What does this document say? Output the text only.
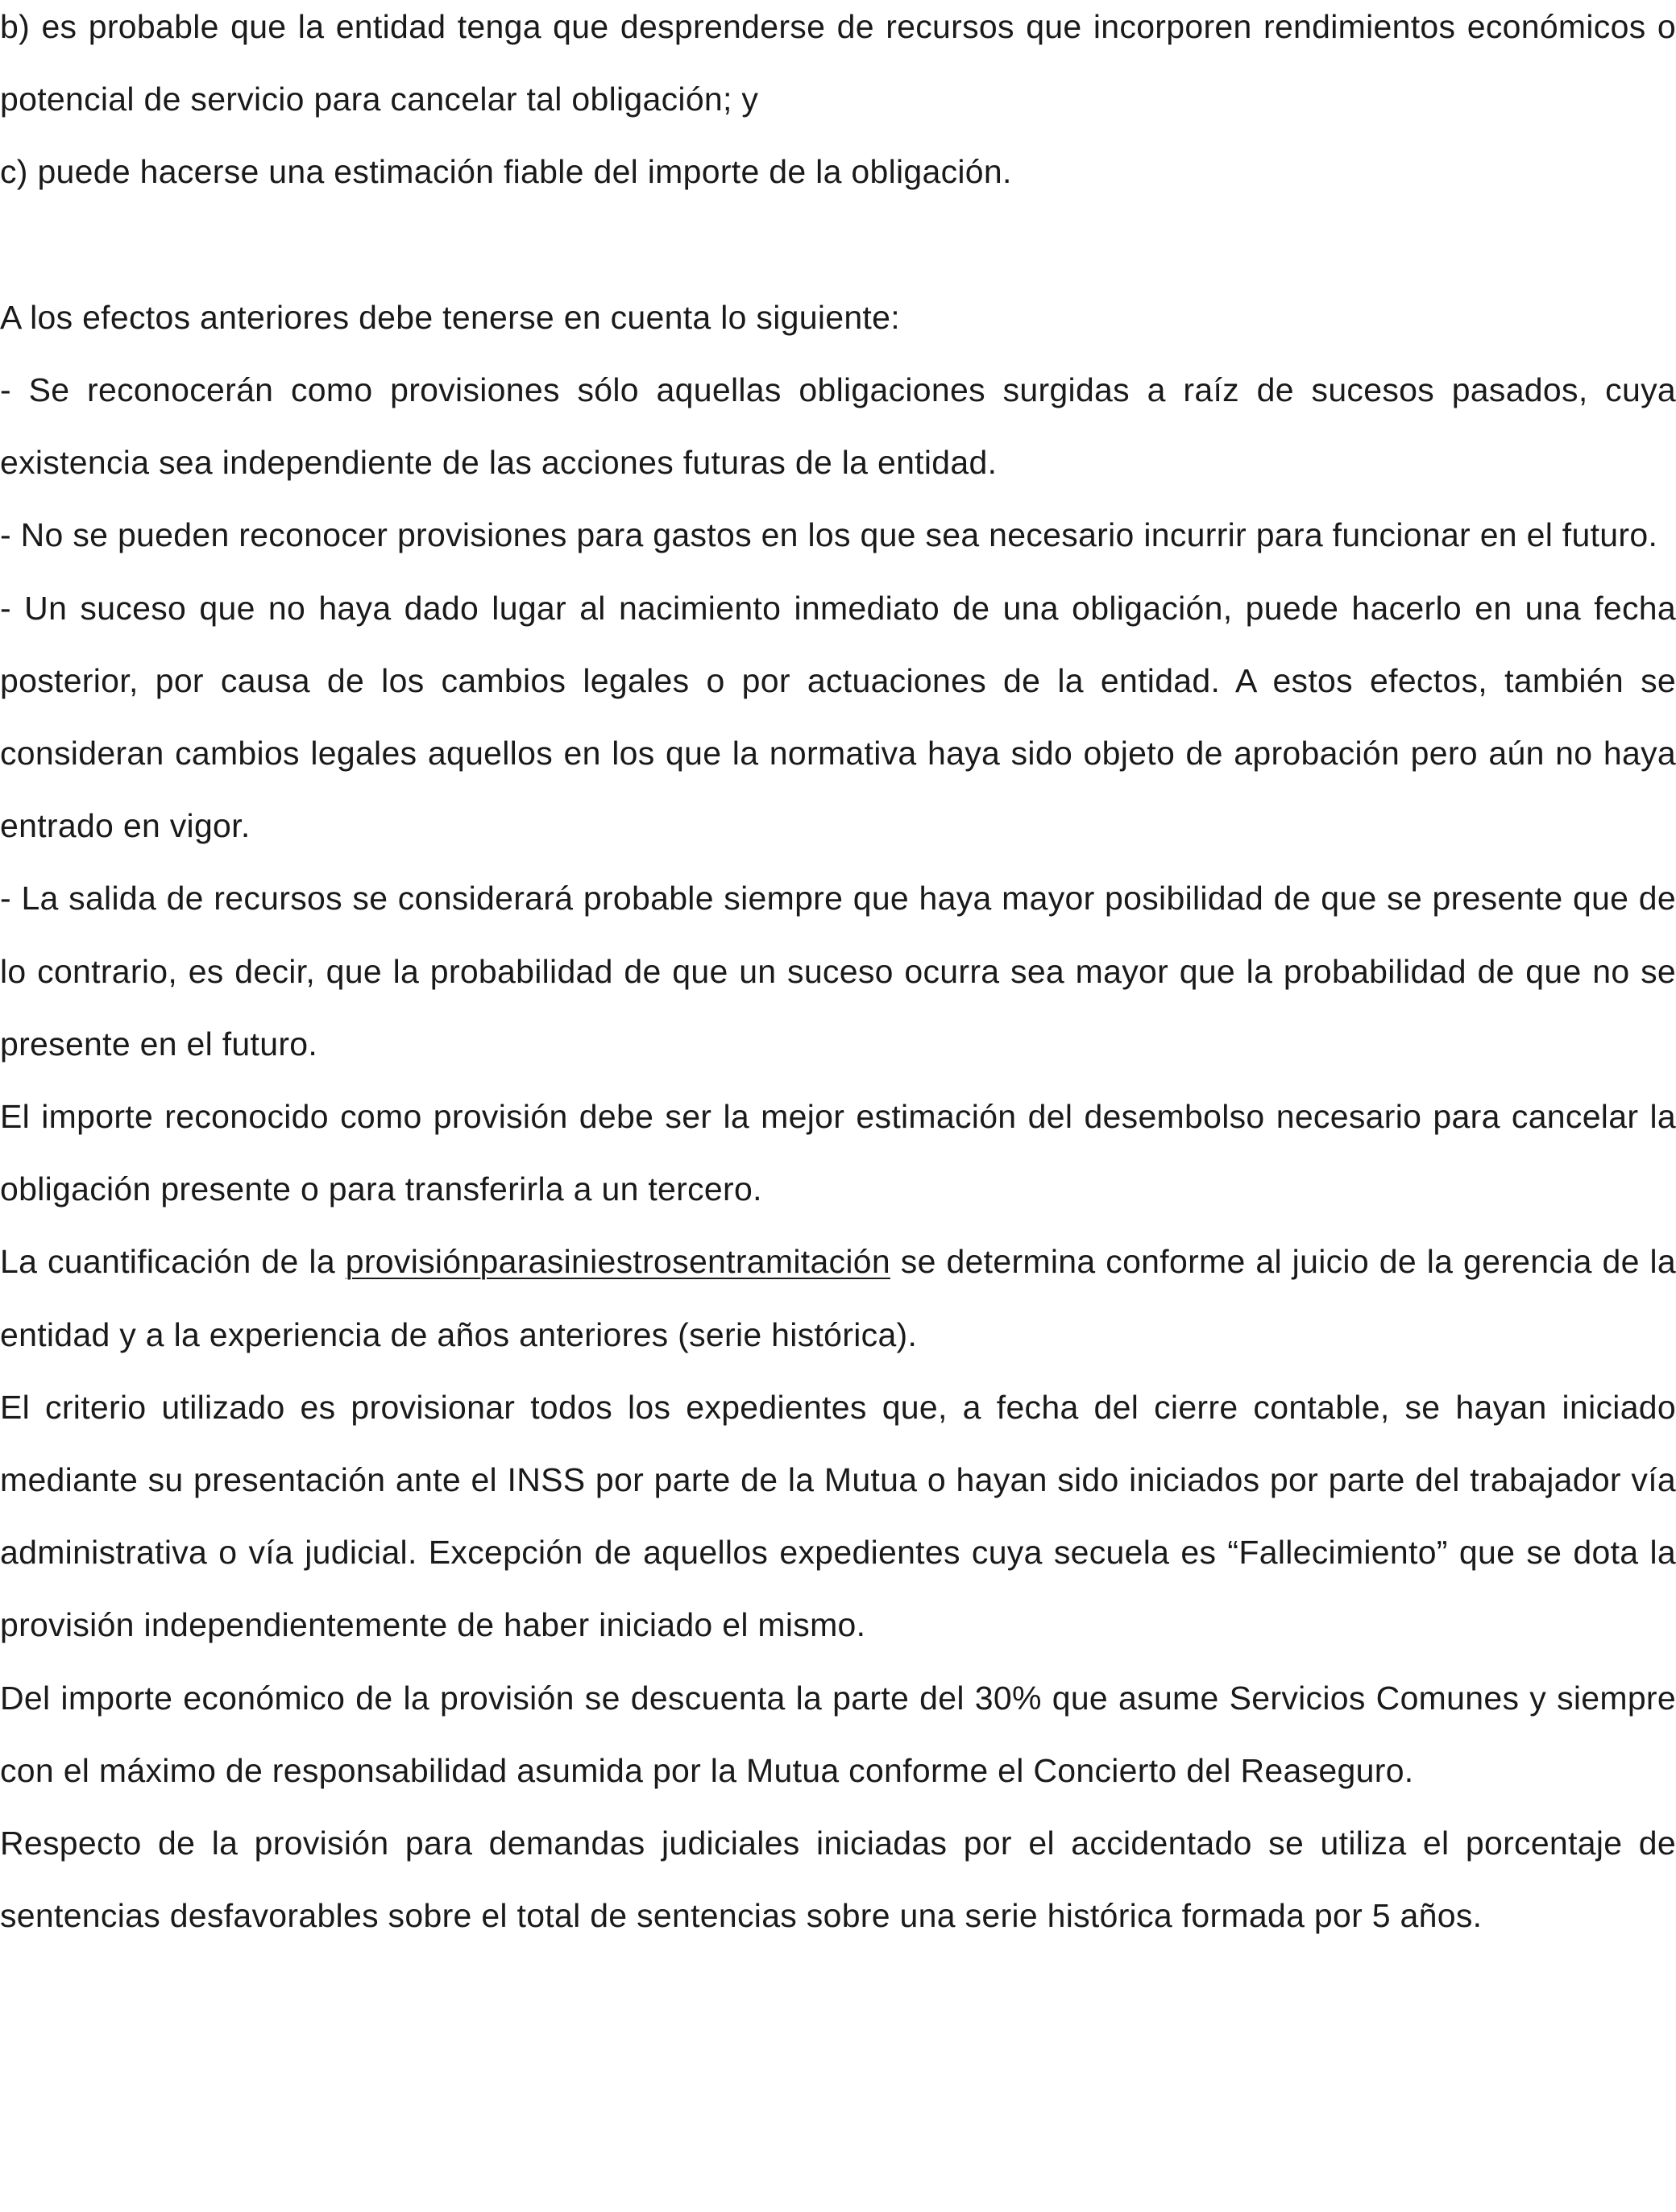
b) es probable que la entidad tenga que desprenderse de recursos que incorporen rendimientos económicos o potencial de servicio para cancelar tal obligación; y

c) puede hacerse una estimación fiable del importe de la obligación.

A los efectos anteriores debe tenerse en cuenta lo siguiente:

- Se reconocerán como provisiones sólo aquellas obligaciones surgidas a raíz de sucesos pasados, cuya existencia sea independiente de las acciones futuras de la entidad.

- No se pueden reconocer provisiones para gastos en los que sea necesario incurrir para funcionar en el futuro.

- Un suceso que no haya dado lugar al nacimiento inmediato de una obligación, puede hacerlo en una fecha posterior, por causa de los cambios legales o por actuaciones de la entidad. A estos efectos, también se consideran cambios legales aquellos en los que la normativa haya sido objeto de aprobación pero aún no haya entrado en vigor.

- La salida de recursos se considerará probable siempre que haya mayor posibilidad de que se presente que de lo contrario, es decir, que la probabilidad de que un suceso ocurra sea mayor que la probabilidad de que no se presente en el futuro.

El importe reconocido como provisión debe ser la mejor estimación del desembolso necesario para cancelar la obligación presente o para transferirla a un tercero.

La cuantificación de la provisiónparasiniestrosentramitación se determina conforme al juicio de la gerencia de la entidad y a la experiencia de años anteriores (serie histórica).

El criterio utilizado es provisionar todos los expedientes que, a fecha del cierre contable, se hayan iniciado mediante su presentación ante el INSS por parte de la Mutua o hayan sido iniciados por parte del trabajador vía administrativa o vía judicial. Excepción de aquellos expedientes cuya secuela es “Fallecimiento” que se dota la provisión independientemente de haber iniciado el mismo.

Del importe económico de la provisión se descuenta la parte del 30% que asume Servicios Comunes y siempre con el máximo de responsabilidad asumida por la Mutua conforme el Concierto del Reaseguro.

Respecto de la provisión para demandas judiciales iniciadas por el accidentado se utiliza el porcentaje de sentencias desfavorables sobre el total de sentencias sobre una serie histórica formada por 5 años.
